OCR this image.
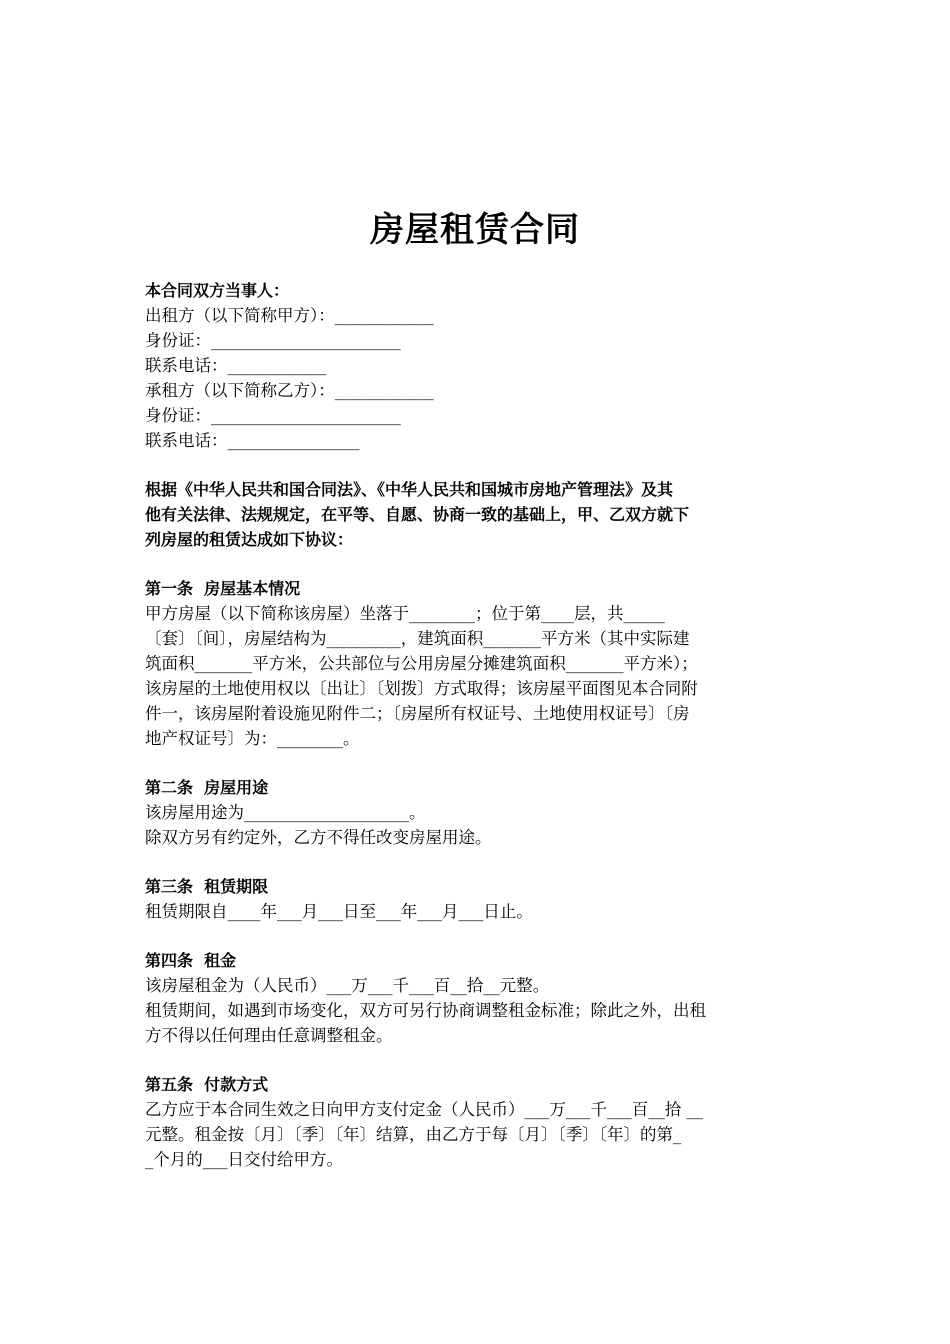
房屋租赁合同
本合同双方当事人：
出租方（以下简称甲方）：____________
身份证：_______________________
联系电话：____________
承租方（以下简称乙方）：____________
身份证：_______________________
联系电话：________________
根据《中华人民共和国合同法》、《中华人民共和国城市房地产管理法》及其
他有关法律、法规规定，在平等、自愿、协商一致的基础上，甲、乙双方就下
列房屋的租赁达成如下协议：
第一条  房屋基本情况
甲方房屋（以下简称该房屋）坐落于________；位于第____层，共_____
〔套〕〔间〕，房屋结构为_________，建筑面积_______平方米（其中实际建
筑面积_______平方米，公共部位与公用房屋分摊建筑面积_______平方米）；
该房屋的土地使用权以〔出让〕〔划拨〕方式取得；该房屋平面图见本合同附
件一，该房屋附着设施见附件二；〔房屋所有权证号、土地使用权证号〕〔房
地产权证号〕为：________。
第二条  房屋用途
该房屋用途为____________________。
除双方另有约定外，乙方不得任改变房屋用途。
第三条  租赁期限
租赁期限自____年___月___日至___年___月___日止。
第四条  租金
该房屋租金为（人民币）___万___千___百__拾__元整。
租赁期间，如遇到市场变化，双方可另行协商调整租金标准；除此之外，出租
方不得以任何理由任意调整租金。
第五条  付款方式
乙方应于本合同生效之日向甲方支付定金（人民币）___万___千___百__拾 __
元整。租金按〔月〕〔季〕〔年〕结算，由乙方于每〔月〕〔季〕〔年〕的第_
_个月的___日交付给甲方。
